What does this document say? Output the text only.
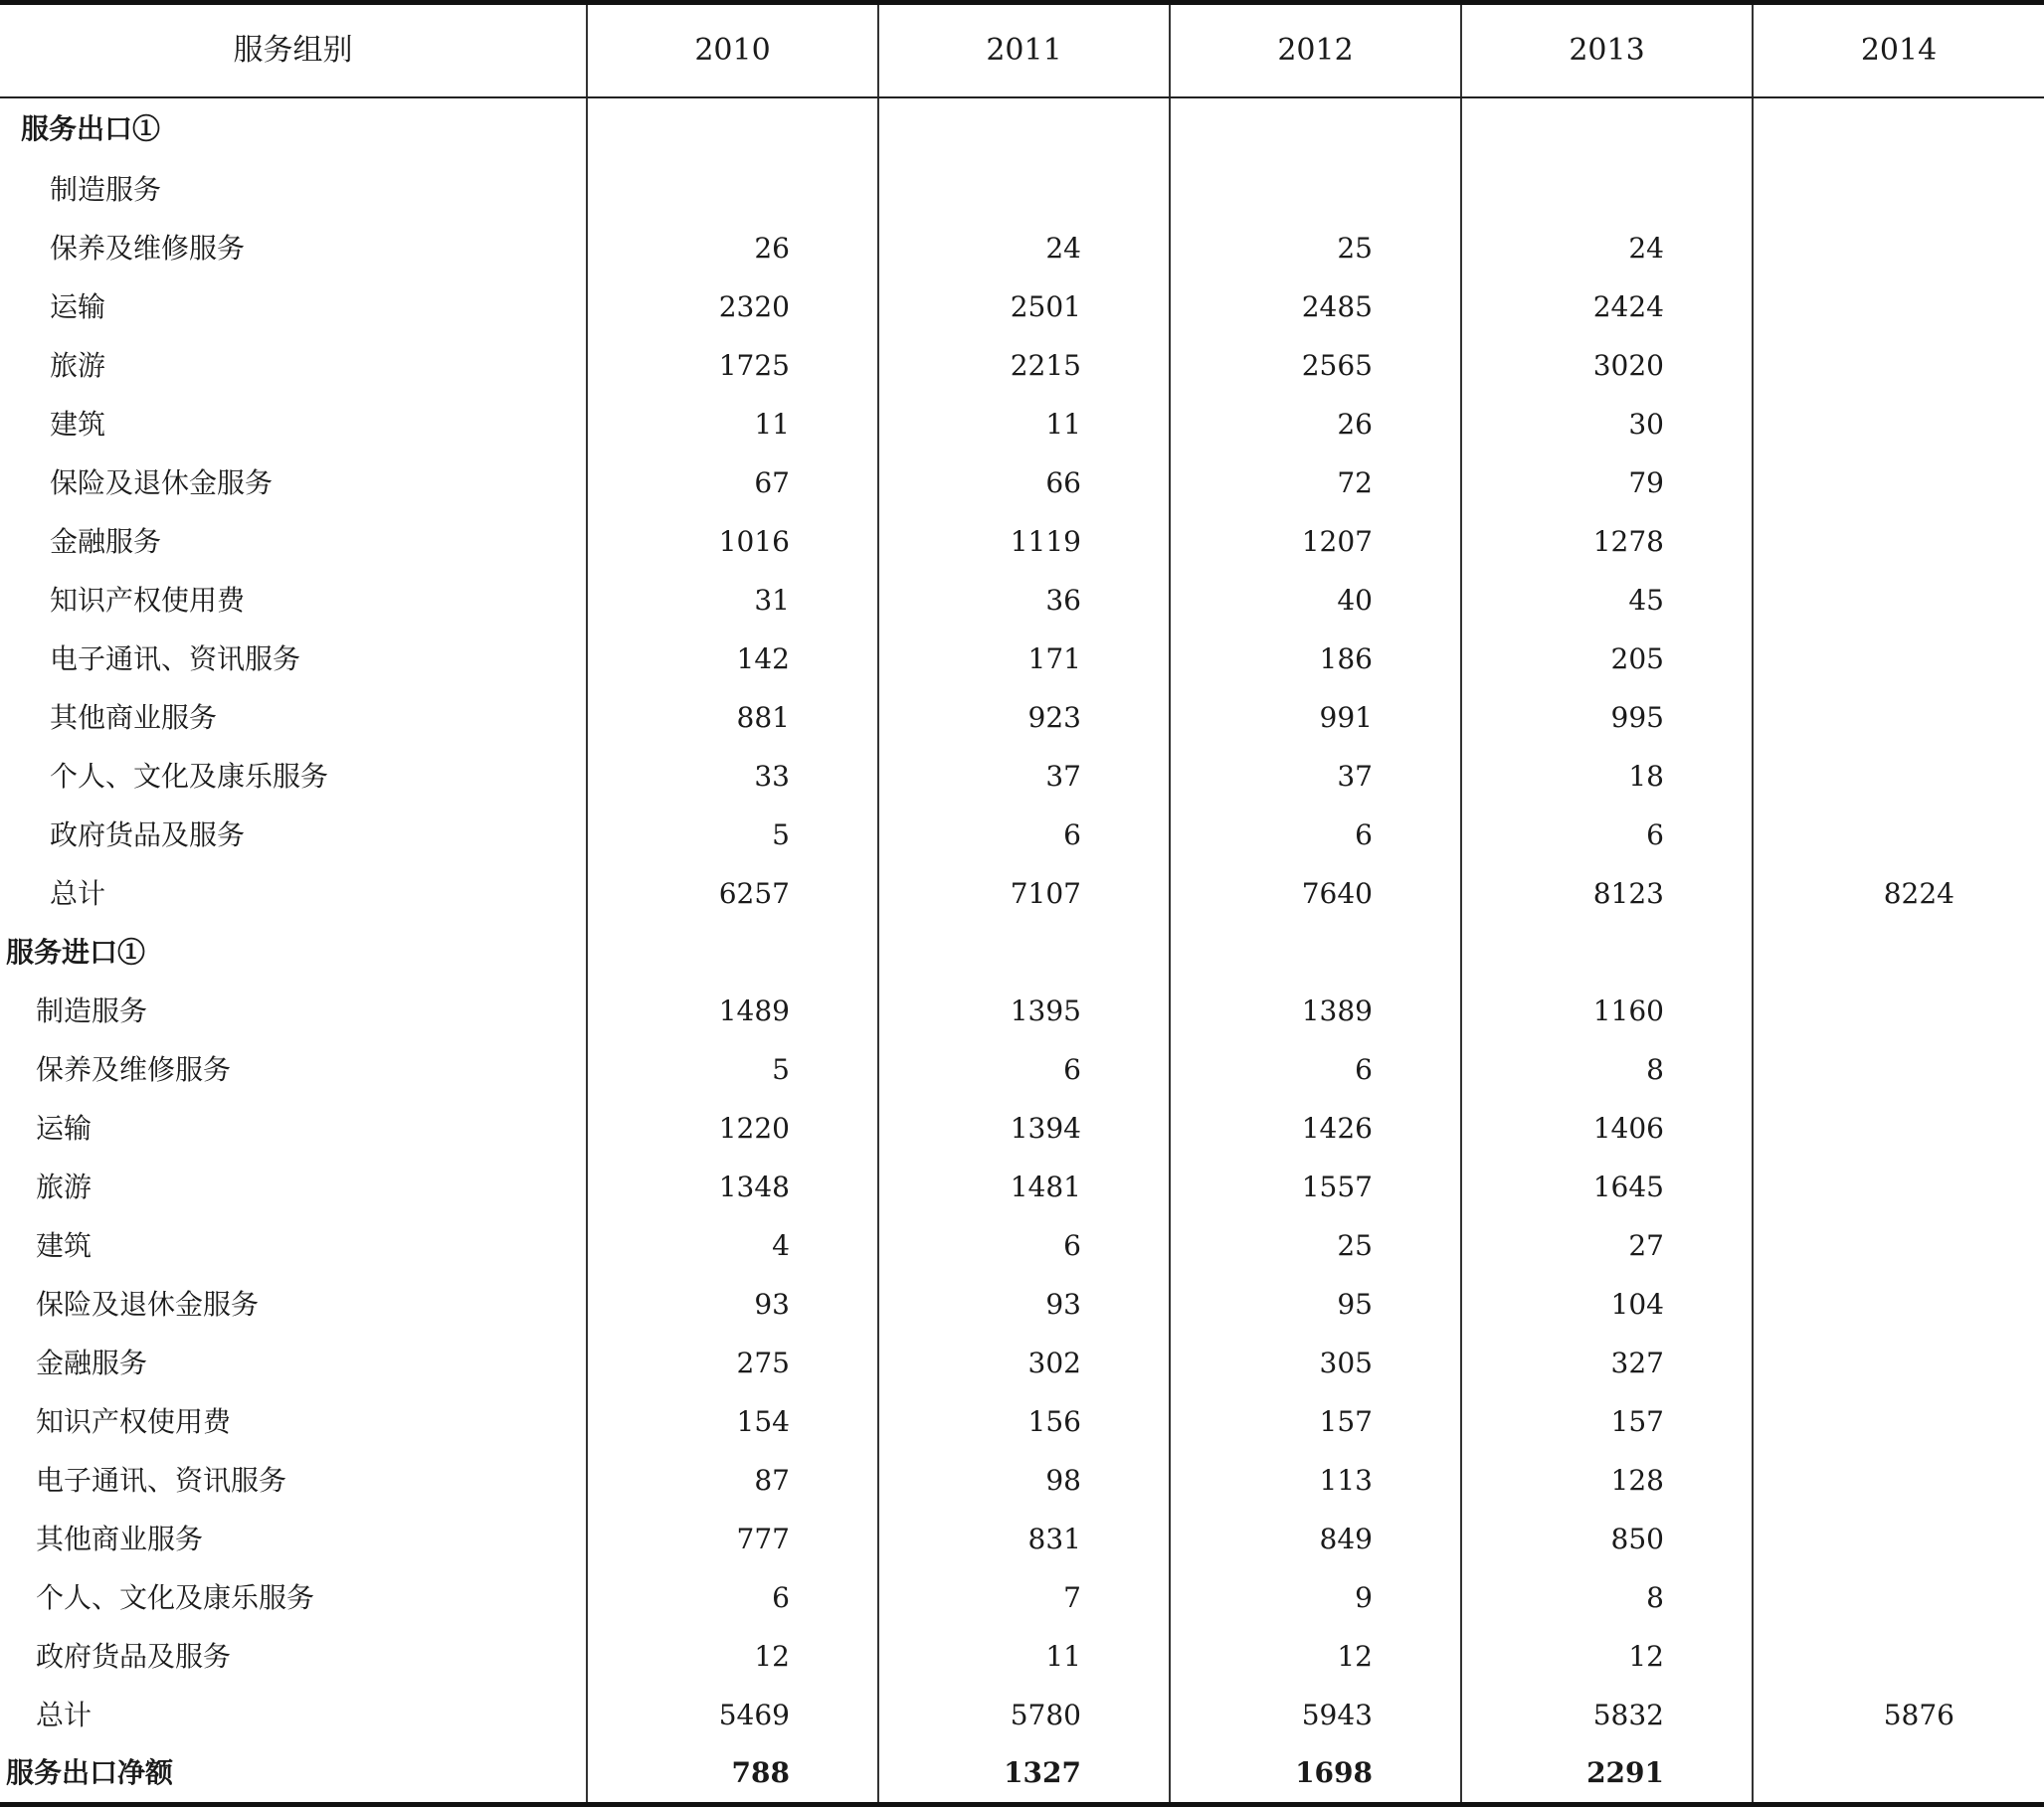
服务组别	2010	2011	2012	2013	2014
服务出口①					
制造服务					
保养及维修服务	26	24	25	24	
运输	2320	2501	2485	2424	
旅游	1725	2215	2565	3020	
建筑	11	11	26	30	
保险及退休金服务	67	66	72	79	
金融服务	1016	1119	1207	1278	
知识产权使用费	31	36	40	45	
电子通讯、资讯服务	142	171	186	205	
其他商业服务	881	923	991	995	
个人、文化及康乐服务	33	37	37	18	
政府货品及服务	5	6	6	6	
总计	6257	7107	7640	8123	8224
服务进口①					
制造服务	1489	1395	1389	1160	
保养及维修服务	5	6	6	8	
运输	1220	1394	1426	1406	
旅游	1348	1481	1557	1645	
建筑	4	6	25	27	
保险及退休金服务	93	93	95	104	
金融服务	275	302	305	327	
知识产权使用费	154	156	157	157	
电子通讯、资讯服务	87	98	113	128	
其他商业服务	777	831	849	850	
个人、文化及康乐服务	6	7	9	8	
政府货品及服务	12	11	12	12	
总计	5469	5780	5943	5832	5876
服务出口净额	788	1327	1698	2291	
